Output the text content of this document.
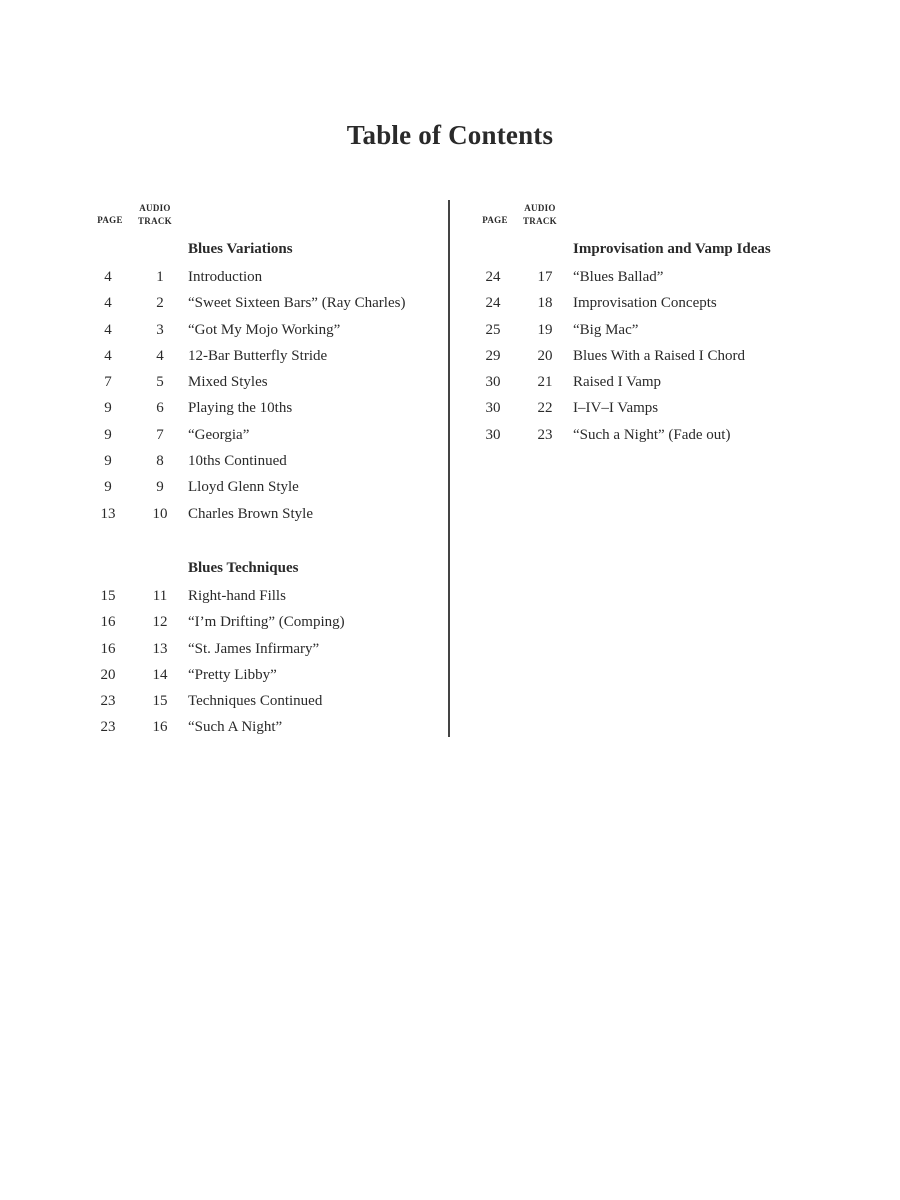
Table of Contents
PAGE
AUDIO
TRACK
Blues Variations
4	1	Introduction
4	2	“Sweet Sixteen Bars” (Ray Charles)
4	3	“Got My Mojo Working”
4	4	12-Bar Butterfly Stride
7	5	Mixed Styles
9	6	Playing the 10ths
9	7	“Georgia”
9	8	10ths Continued
9	9	Lloyd Glenn Style
13	10	Charles Brown Style
Blues Techniques
15	11	Right-hand Fills
16	12	“I’m Drifting” (Comping)
16	13	“St. James Infirmary”
20	14	“Pretty Libby”
23	15	Techniques Continued
23	16	“Such A Night”
PAGE
AUDIO
TRACK
Improvisation and Vamp Ideas
24	17	“Blues Ballad”
24	18	Improvisation Concepts
25	19	“Big Mac”
29	20	Blues With a Raised I Chord
30	21	Raised I Vamp
30	22	I–IV–I Vamps
30	23	“Such a Night” (Fade out)
